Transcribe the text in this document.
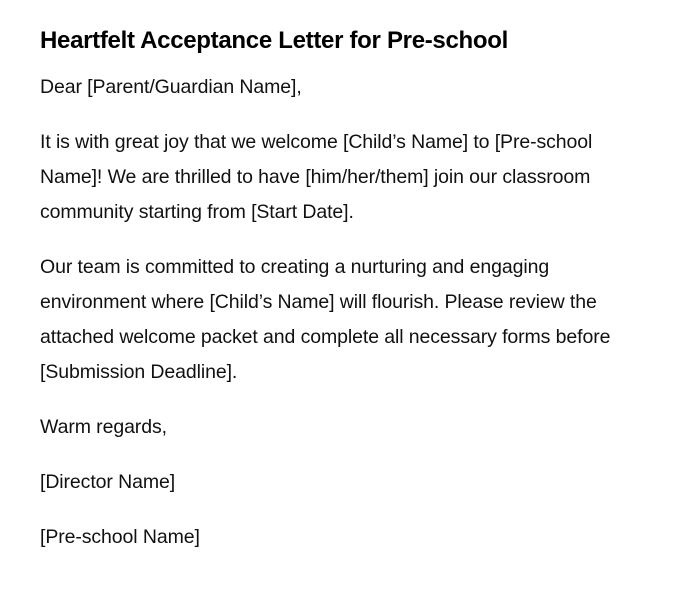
Heartfelt Acceptance Letter for Pre-school

Dear [Parent/Guardian Name],

It is with great joy that we welcome [Child’s Name] to [Pre-school Name]! We are thrilled to have [him/her/them] join our classroom community starting from [Start Date].

Our team is committed to creating a nurturing and engaging environment where [Child’s Name] will flourish. Please review the attached welcome packet and complete all necessary forms before [Submission Deadline].

Warm regards,

[Director Name]

[Pre-school Name]
